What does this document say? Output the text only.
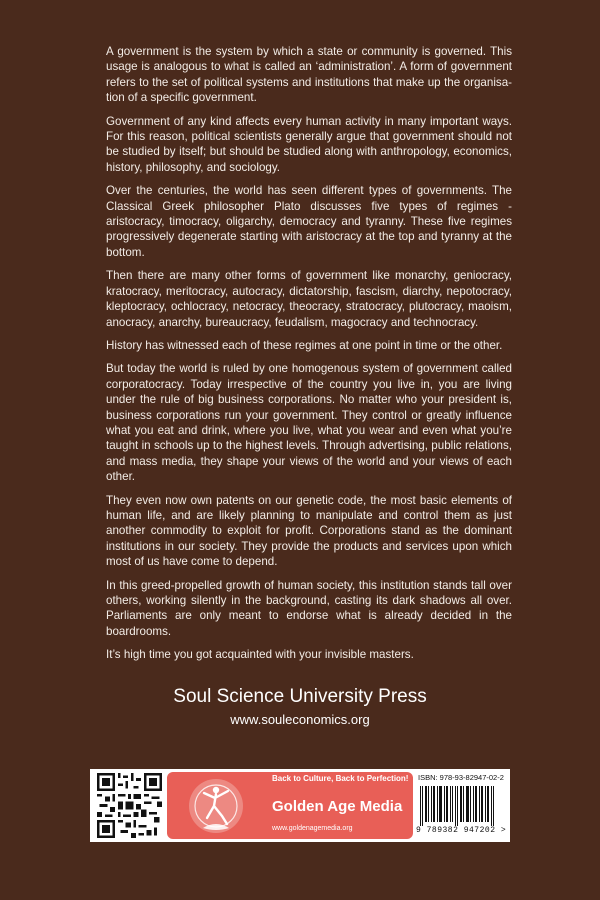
A government is the system by which a state or community is governed. This usage is analogous to what is called an ‘administration’. A form of government refers to the set of political systems and institutions that make up the organisa-tion of a specific government.

Government of any kind affects every human activity in many important ways. For this reason, political scientists generally argue that government should not be studied by itself; but should be studied along with anthropology, economics, history, philosophy, and sociology.

Over the centuries, the world has seen different types of governments. The Classical Greek philosopher Plato discusses five types of regimes - aristocracy, timocracy, oligarchy, democracy and tyranny. These five regimes progressively degenerate starting with aristocracy at the top and tyranny at the bottom.

Then there are many other forms of government like monarchy, geniocracy, kratocracy, meritocracy, autocracy, dictatorship, fascism, diarchy, nepotocracy, kleptocracy, ochlocracy, netocracy, theocracy, stratocracy, plutocracy, maoism, anocracy, anarchy, bureaucracy, feudalism, magocracy and technocracy.

History has witnessed each of these regimes at one point in time or the other.

But today the world is ruled by one homogenous system of government called corporatocracy. Today irrespective of the country you live in, you are living under the rule of big business corporations. No matter who your president is, business corporations run your government. They control or greatly influence what you eat and drink, where you live, what you wear and even what you’re taught in schools up to the highest levels. Through advertising, public relations, and mass media, they shape your views of the world and your views of each other.

They even now own patents on our genetic code, the most basic elements of human life, and are likely planning to manipulate and control them as just another commodity to exploit for profit. Corporations stand as the dominant institutions in our society. They provide the products and services upon which most of us have come to depend.

In this greed-propelled growth of human society, this institution stands tall over others, working silently in the background, casting its dark shadows all over. Parliaments are only meant to endorse what is already decided in the boardrooms.

It’s high time you got acquainted with your invisible masters.

Soul Science University Press
www.souleconomics.org
Back to Culture, Back to Perfection!
Golden Age Media
www.goldenagemedia.org
ISBN: 978-93-82947-02-2
9 789382 947202 >
